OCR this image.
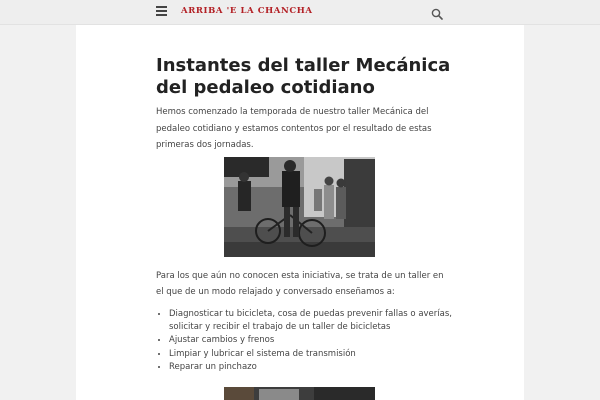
ARRIBA 'E LA CHANCHA
Instantes del taller Mecánica del pedaleo cotidiano

Hemos comenzado la temporada de nuestro taller Mecánica del pedaleo cotidiano y estamos contentos por el resultado de estas primeras dos jornadas.

Para los que aún no conocen esta iniciativa, se trata de un taller en el que de un modo relajado y conversado enseñamos a:

• Diagnosticar tu bicicleta, cosa de puedas prevenir fallas o averías, solicitar y recibir el trabajo de un taller de bicicletas
• Ajustar cambios y frenos
• Limpiar y lubricar el sistema de transmisión
• Reparar un pinchazo
